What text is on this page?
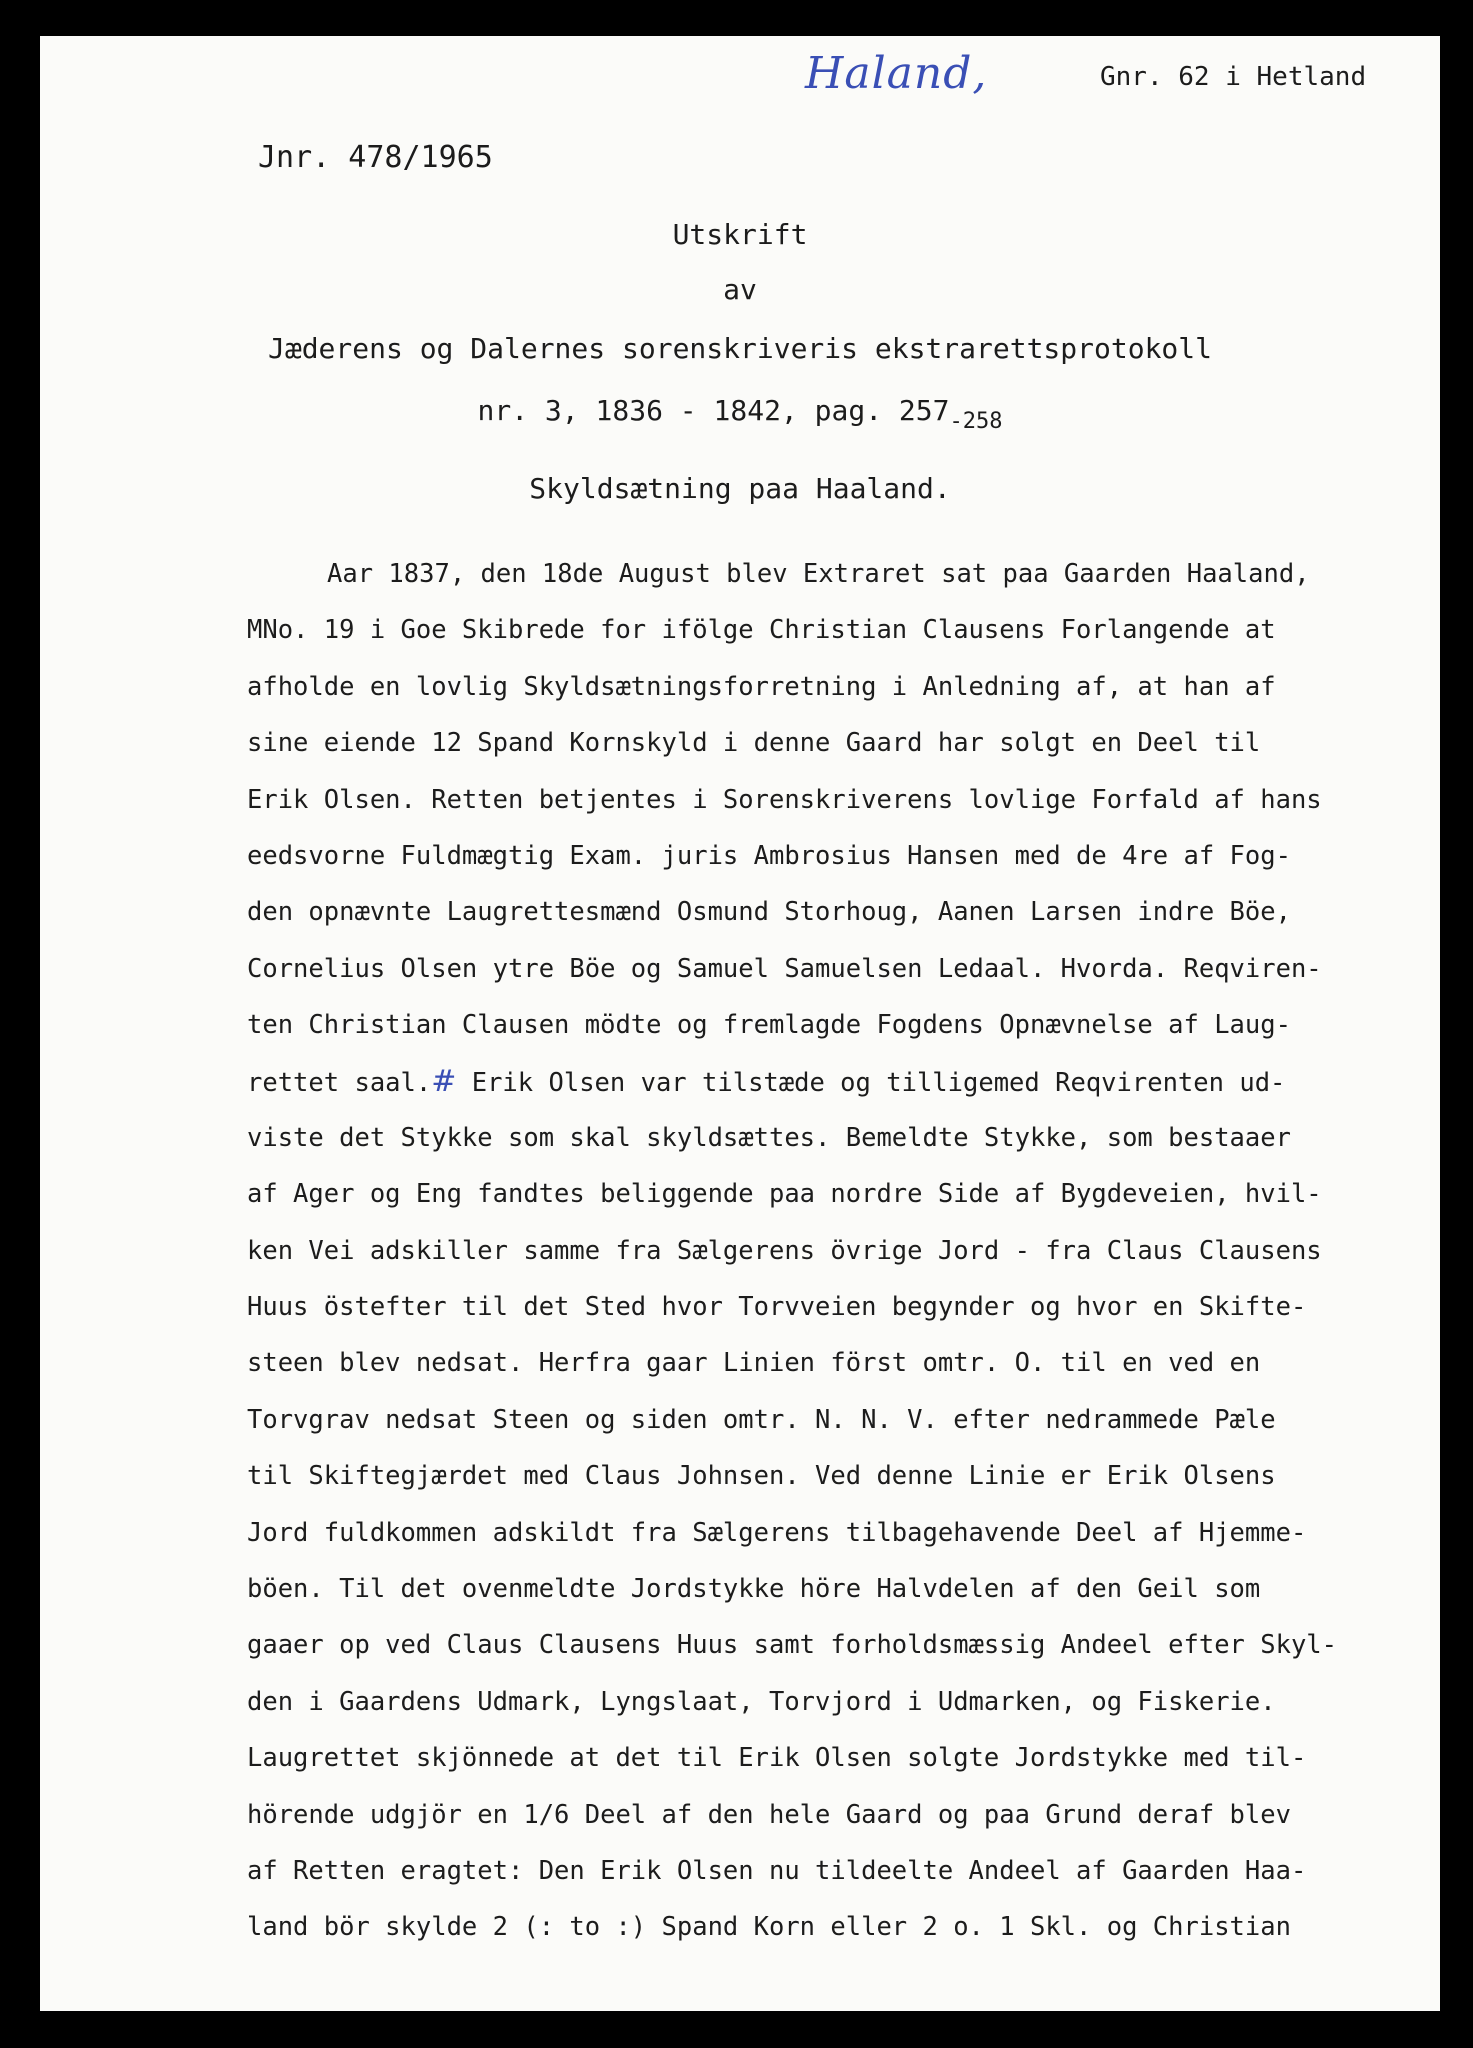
Haland,	Gnr. 62 i Hetland
Jnr. 478/1965
Utskrift
av
Jæderens og Dalernes sorenskriveris ekstrarettsprotokoll
nr. 3, 1836 - 1842, pag. $257_{-258}$
Skyldsætning paa Haaland.
Aar 1837, den 18de August blev Extraret sat paa Gaarden Haaland,
MNo. 19 i Goe Skibrede for ifölge Christian Clausens Forlangende at
afholde en lovlig Skyldsætningsforretning i Anledning af, at han af
sine eiende 12 Spand Kornskyld i denne Gaard har solgt en Deel til
Erik Olsen. Retten betjentes i Sorenskriverens lovlige Forfald af hans
eedsvorne Fuldmægtig Exam. juris Ambrosius Hansen med de 4re af Fog-
den opnævnte Laugrettesmænd Osmund Storhoug, Aanen Larsen indre Böe,
Cornelius Olsen ytre Böe og Samuel Samuelsen Ledaal. Hvorda. Reqviren-
ten Christian Clausen mödte og fremlagde Fogdens Opnævnelse af Laug-
rettet saal.# Erik Olsen var tilstæde og tilligemed Reqvirenten ud-
viste det Stykke som skal skyldsættes. Bemeldte Stykke, som bestaaer
af Ager og Eng fandtes beliggende paa nordre Side af Bygdeveien, hvil-
ken Vei adskiller samme fra Sælgerens övrige Jord - fra Claus Clausens
Huus östefter til det Sted hvor Torvveien begynder og hvor en Skifte-
steen blev nedsat. Herfra gaar Linien först omtr. O. til en ved en
Torvgrav nedsat Steen og siden omtr. N. N. V. efter nedrammede Pæle
til Skiftegjærdet med Claus Johnsen. Ved denne Linie er Erik Olsens
Jord fuldkommen adskildt fra Sælgerens tilbagehavende Deel af Hjemme-
böen. Til det ovenmeldte Jordstykke höre Halvdelen af den Geil som
gaaer op ved Claus Clausens Huus samt forholdsmæssig Andeel efter Skyl-
den i Gaardens Udmark, Lyngslaat, Torvjord i Udmarken, og Fiskerie.
Laugrettet skjönnede at det til Erik Olsen solgte Jordstykke med til-
hörende udgjör en 1/6 Deel af den hele Gaard og paa Grund deraf blev
af Retten eragtet: Den Erik Olsen nu tildeelte Andeel af Gaarden Haa-
land bör skylde 2 (: to :) Spand Korn eller 2 o. 1 Skl. og Christian
